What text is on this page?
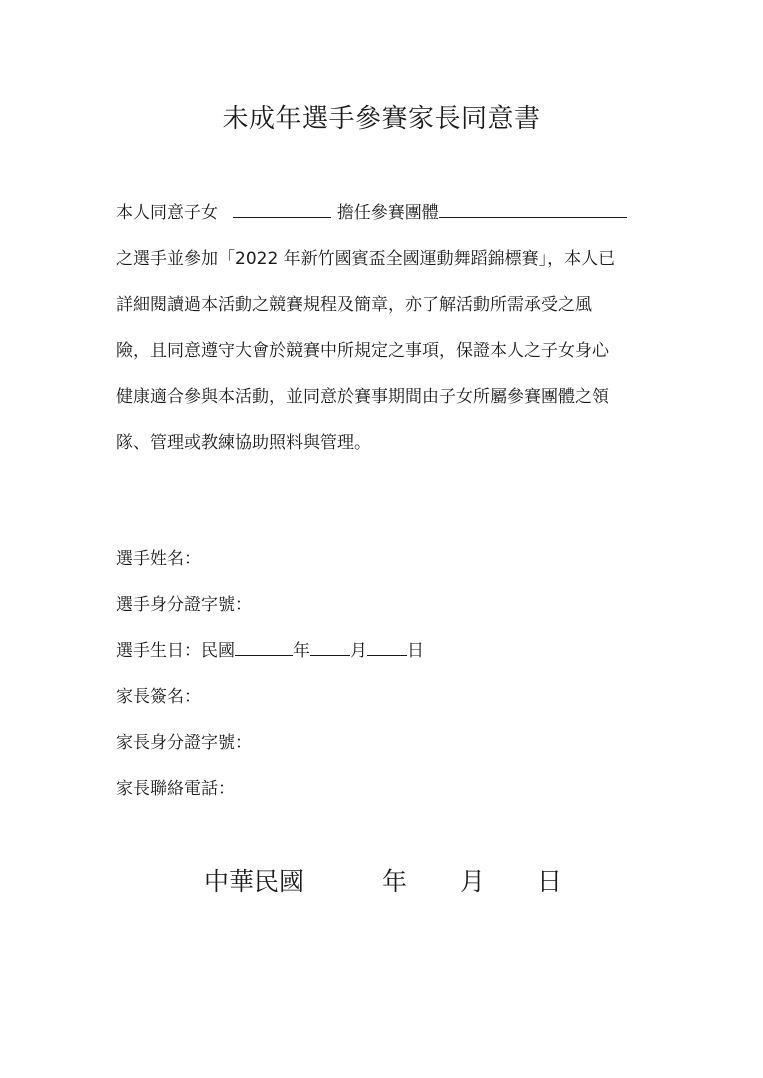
未成年選手參賽家長同意書
本人同意子女	擔任參賽團體
之選手並參加「2022 年新竹國賓盃全國運動舞蹈錦標賽」，本人已
詳細閱讀過本活動之競賽規程及簡章，亦了解活動所需承受之風
險，且同意遵守大會於競賽中所規定之事項，保證本人之子女身心
健康適合參與本活動，並同意於賽事期間由子女所屬參賽團體之領
隊、管理或教練協助照料與管理。
選手姓名：
選手身分證字號：
選手生日：民國	年 月 日
家長簽名：
家長身分證字號：
家長聯絡電話：
中華民國	年 月 日
